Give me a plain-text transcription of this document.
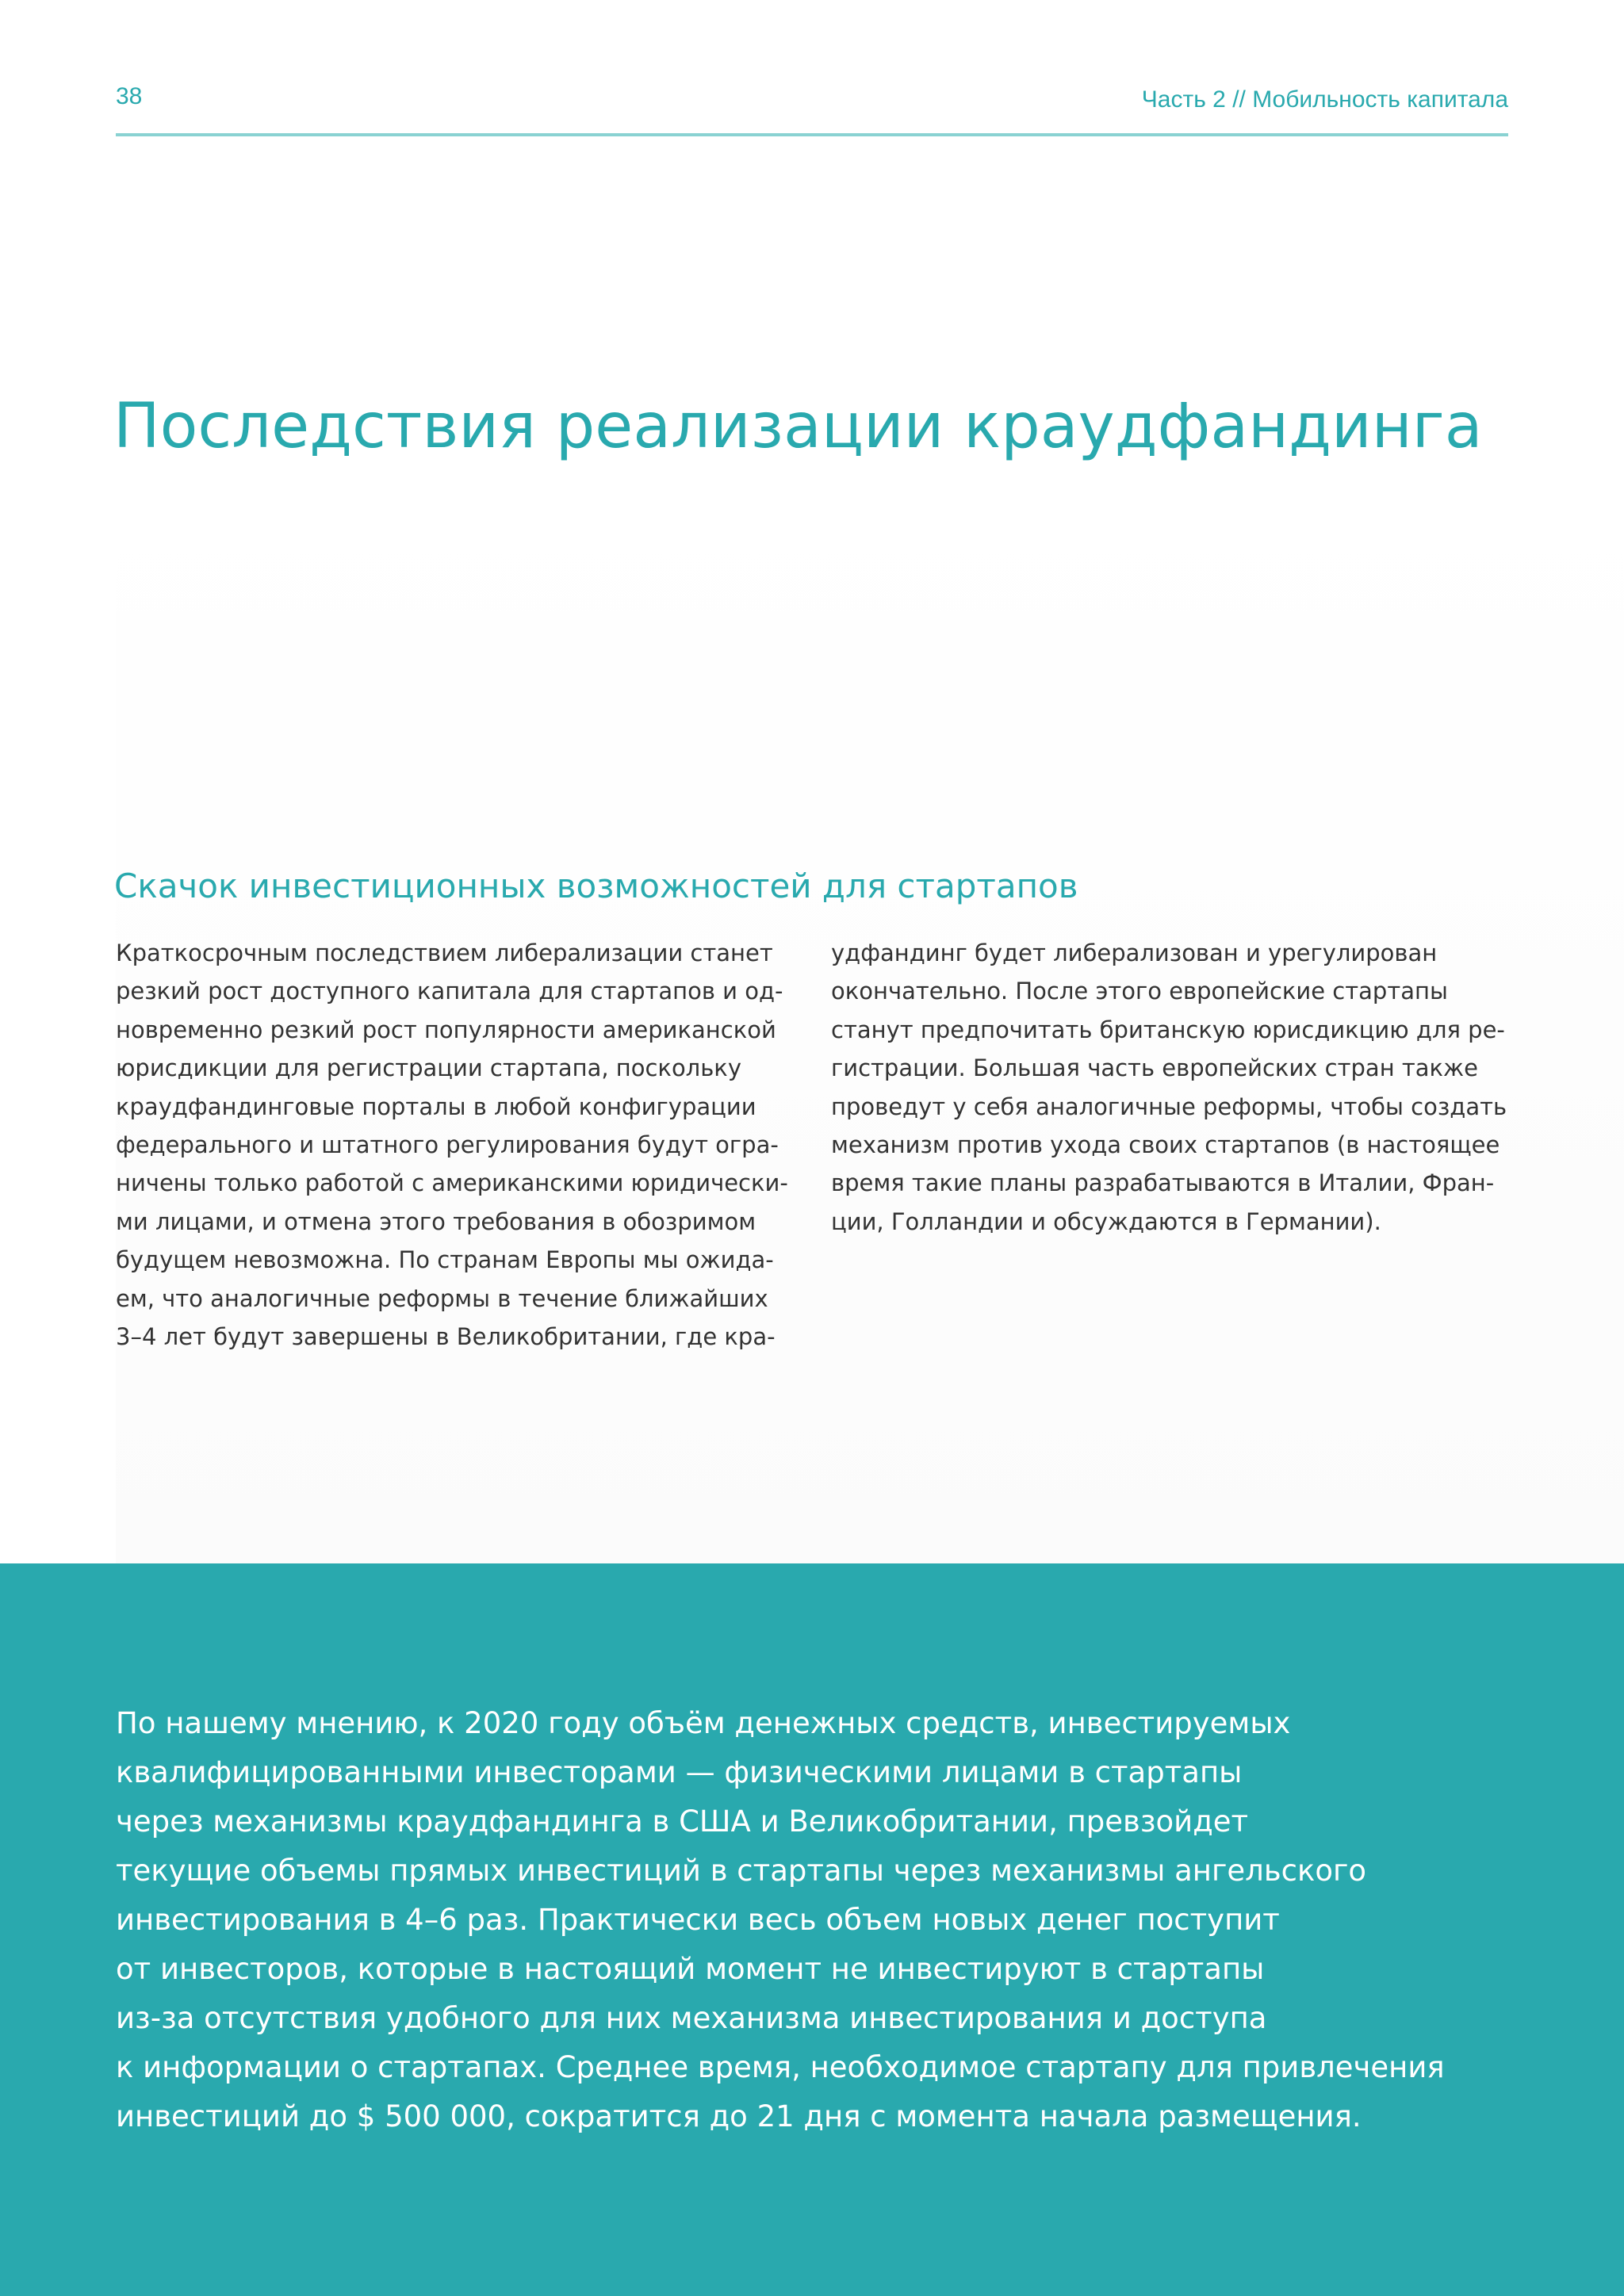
38	Часть 2 // Мобильность капитала
Последствия реализации краудфандинга
Скачок инвестиционных возможностей для стартапов
Краткосрочным последствием либерализации станет
резкий рост доступного капитала для стартапов и од-
новременно резкий рост популярности американской
юрисдикции для регистрации стартапа, поскольку
краудфандинговые порталы в любой конфигурации
федерального и штатного регулирования будут огра-
ничены только работой с американскими юридически-
ми лицами, и отмена этого требования в обозримом
будущем невозможна. По странам Европы мы ожида-
ем, что аналогичные реформы в течение ближайших
3–4 лет будут завершены в Великобритании, где кра-
удфандинг будет либерализован и урегулирован
окончательно. После этого европейские стартапы
станут предпочитать британскую юрисдикцию для ре-
гистрации. Большая часть европейских стран также
проведут у себя аналогичные реформы, чтобы создать
механизм против ухода своих стартапов (в настоящее
время такие планы разрабатываются в Италии, Фран-
ции, Голландии и обсуждаются в Германии).
По нашему мнению, к 2020 году объём денежных средств, инвестируемых
квалифицированными инвесторами — физическими лицами в стартапы
через механизмы краудфандинга в США и Великобритании, превзойдет
текущие объемы прямых инвестиций в стартапы через механизмы ангельского
инвестирования в 4–6 раз. Практически весь объем новых денег поступит
от инвесторов, которые в настоящий момент не инвестируют в стартапы
из-за отсутствия удобного для них механизма инвестирования и доступа
к информации о стартапах. Среднее время, необходимое стартапу для привлечения
инвестиций до $ 500 000, сократится до 21 дня с момента начала размещения.
